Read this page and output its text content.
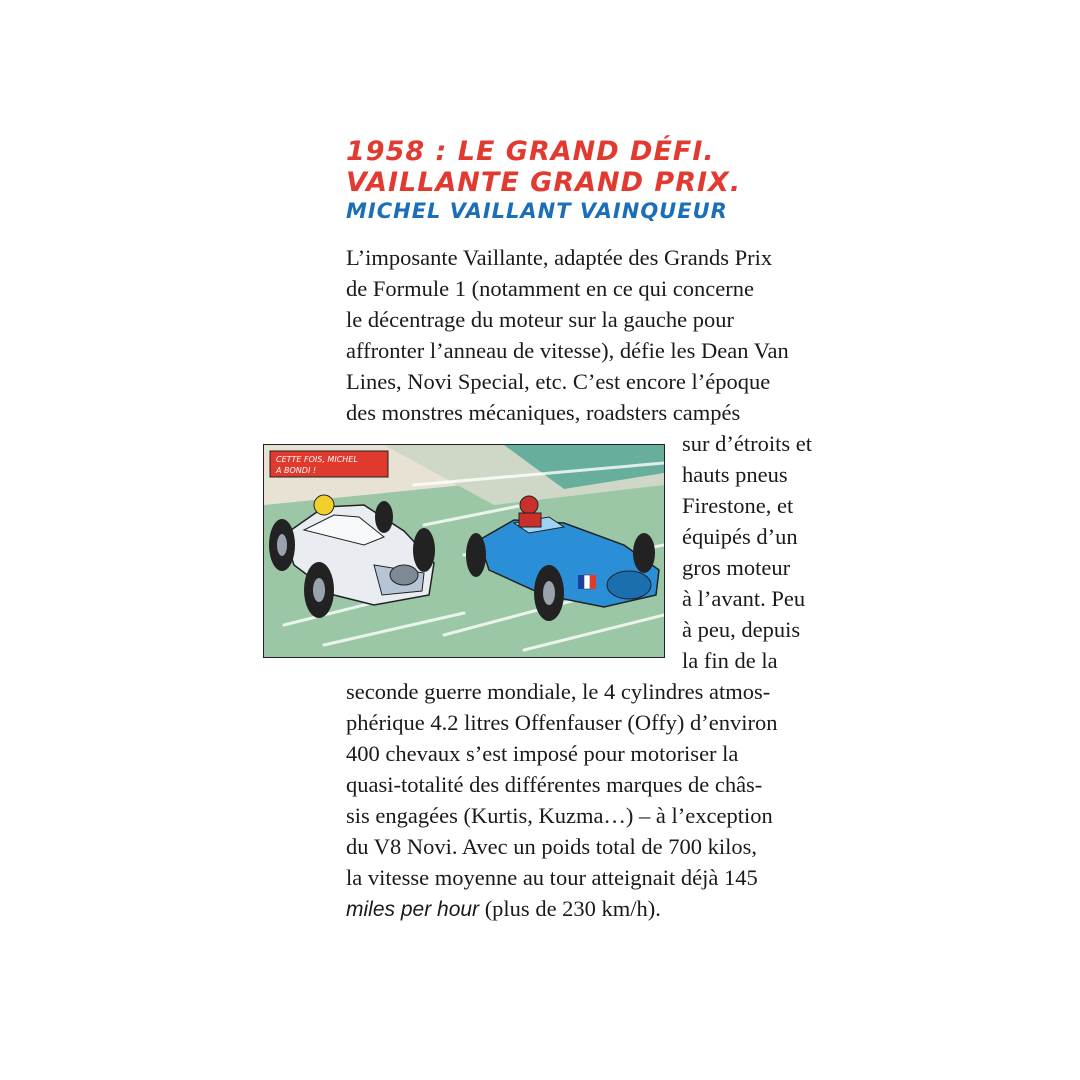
1958 : LE GRAND DÉFI.
VAILLANTE GRAND PRIX.
MICHEL VAILLANT VAINQUEUR
L’imposante Vaillante, adaptée des Grands Prix
de Formule 1 (notamment en ce qui concerne
le décentrage du moteur sur la gauche pour
affronter l’anneau de vitesse), défie les Dean Van
Lines, Novi Special, etc. C’est encore l’époque
des monstres mécaniques, roadsters campés
sur d’étroits et
hauts pneus
Firestone, et
équipés d’un
gros moteur
à l’avant. Peu
à peu, depuis
la fin de la
seconde guerre mondiale, le 4 cylindres atmos-
phérique 4.2 litres Offenfauser (Offy) d’environ
400 chevaux s’est imposé pour motoriser la
quasi-totalité des différentes marques de châs-
sis engagées (Kurtis, Kuzma…) – à l’exception
du V8 Novi. Avec un poids total de 700 kilos,
la vitesse moyenne au tour atteignait déjà 145
miles per hour (plus de 230 km/h).
CETTE FOIS, MICHEL
A BONDI !
